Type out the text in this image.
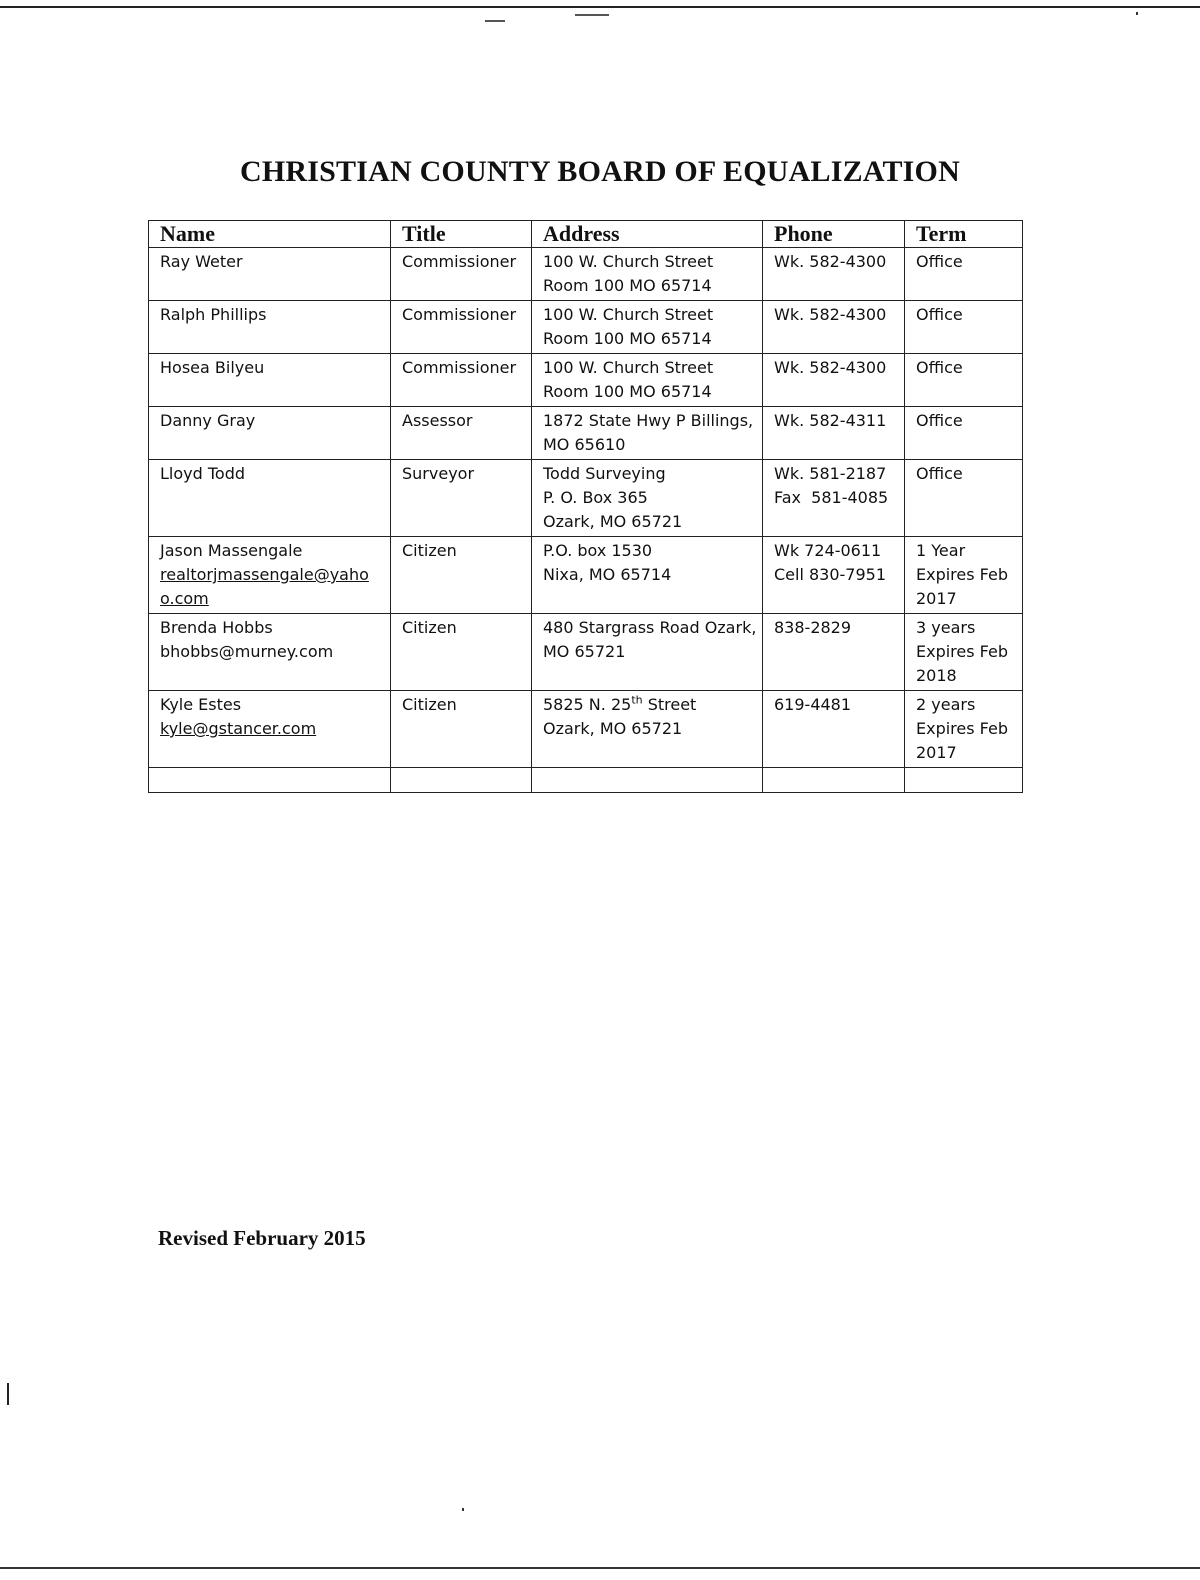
CHRISTIAN COUNTY BOARD OF EQUALIZATION
Name	Title	Address	Phone	Term

Ray Weter	Commissioner	100 W. Church Street
Room 100 MO 65714	Wk. 582-4300	Office

Ralph Phillips	Commissioner	100 W. Church Street
Room 100 MO 65714	Wk. 582-4300	Office

Hosea Bilyeu	Commissioner	100 W. Church Street
Room 100 MO 65714	Wk. 582-4300	Office

Danny Gray	Assessor	1872 State Hwy P Billings,
MO 65610	Wk. 582-4311	Office

Lloyd Todd	Surveyor	Todd Surveying
P. O. Box 365
Ozark, MO 65721	Wk. 581-2187
Fax  581-4085	Office

Jason Massengale
realtorjmassengale@yahoo.com	Citizen	P.O. box 1530
Nixa, MO 65714	Wk 724-0611
Cell 830-7951	1 Year
Expires Feb
2017

Brenda Hobbs
bhobbs@murney.com	Citizen	480 Stargrass Road Ozark,
MO 65721	838-2829	3 years
Expires Feb
2018

Kyle Estes
kyle@gstancer.com	Citizen	5825 N. 25th Street
Ozark, MO 65721	619-4481	2 years
Expires Feb
2017

Revised February 2015
